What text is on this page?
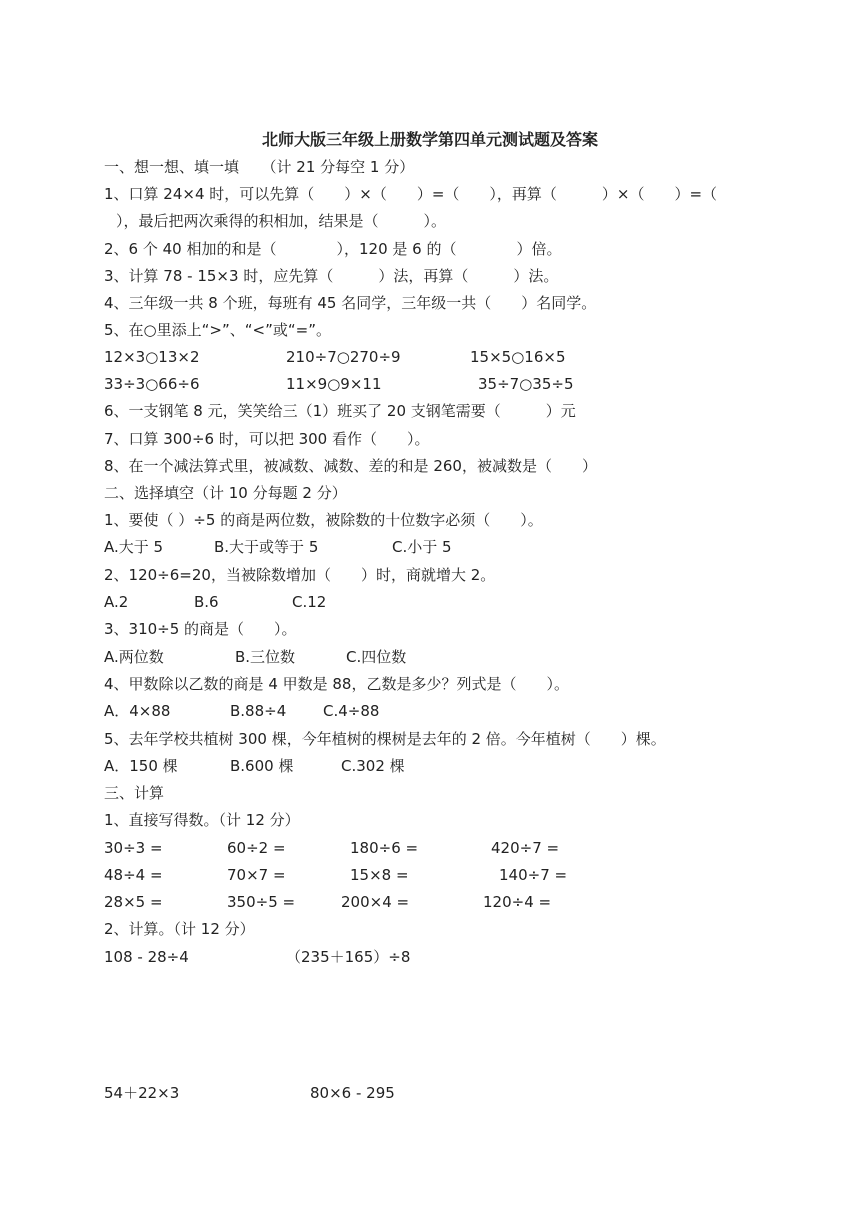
北师大版三年级上册数学第四单元测试题及答案
一、想一想、填一填　　（计 21 分每空 1 分）
1、口算 24×4 时，可以先算（　　）×（　　）=（　　），再算（　　　）×（　　）=（
），最后把两次乘得的积相加，结果是（　　　）。
2、6 个 40 相加的和是（　　　　），120 是 6 的（　　　　）倍。
3、计算 78 - 15×3 时，应先算（　　　）法，再算（　　　）法。
4、三年级一共 8 个班，每班有 45 名同学，三年级一共（　　）名同学。
5、在○里添上“>”、“<”或“=”。
12×3○13×2	210÷7○270÷9	15×5○16×5
33÷3○66÷6	11×9○9×11	35÷7○35÷5
6、一支钢笔 8 元，笑笑给三（1）班买了 20 支钢笔需要（　　　）元
7、口算 300÷6 时，可以把 300 看作（　　）。
8、在一个减法算式里，被减数、减数、差的和是 260，被减数是（　　）
二、选择填空（计 10 分每题 2 分）
1、要使（ ）÷5 的商是两位数，被除数的十位数字必须（　　）。
A.大于 5	B.大于或等于 5	C.小于 5
2、120÷6=20，当被除数增加（　　）时，商就增大 2。
A.2	B.6	C.12
3、310÷5 的商是（　　）。
A.两位数	B.三位数	C.四位数
4、甲数除以乙数的商是 4 甲数是 88，乙数是多少？列式是（　　）。
A．4×88	B.88÷4 C.4÷88
5、去年学校共植树 300 棵，今年植树的棵树是去年的 2 倍。今年植树（　　）棵。
A．150 棵	B.600 棵	C.302 棵
三、计算
1、直接写得数。（计 12 分）
30÷3 =	60÷2 =	180÷6 =	420÷7 =
48÷4 =	70×7 =	15×8 =	140÷7 =
28×5 =	350÷5 =	200×4 =	120÷4 =
2、计算。（计 12 分）
108 - 28÷4	（235＋165）÷8
54＋22×3	80×6 - 295
